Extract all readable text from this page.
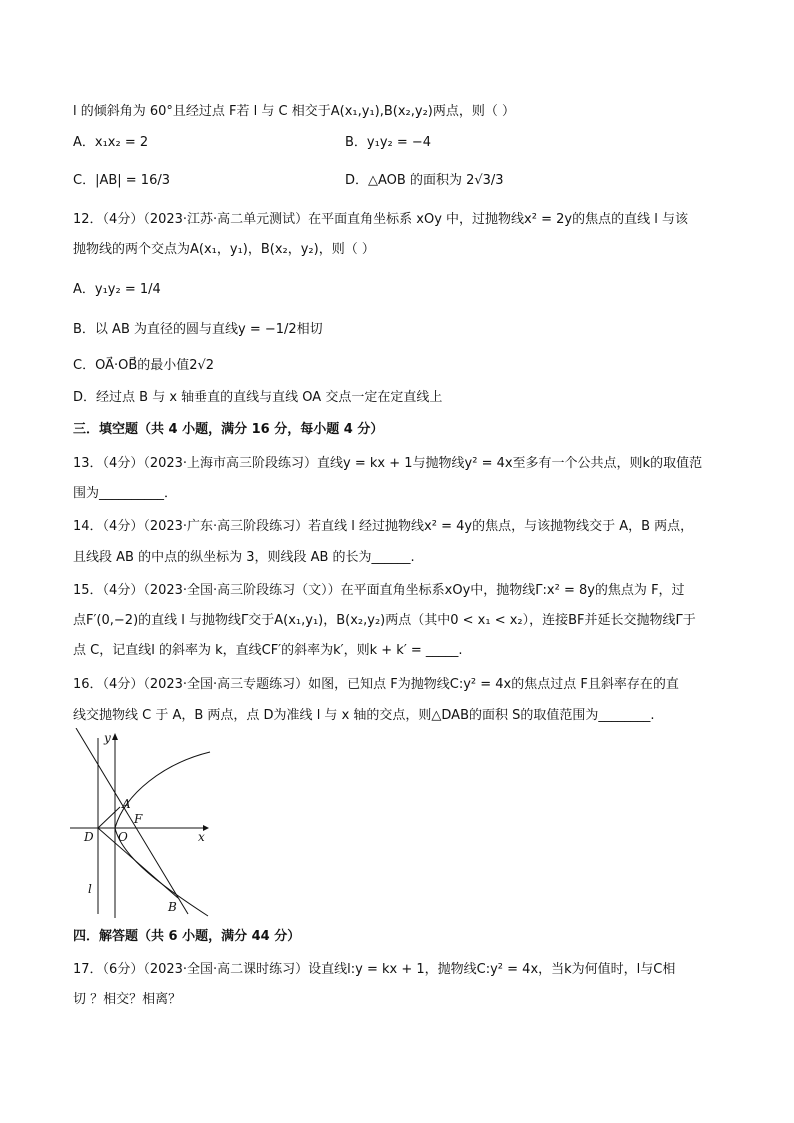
l 的倾斜角为 60°且经过点 F若 l 与 C 相交于A(x₁,y₁),B(x₂,y₂)两点，则（ ）
A．x₁x₂ = 2	B．y₁y₂ = −4
C．|AB| = 16/3	D．△AOB 的面积为 2√3/3
12．（4分）（2023·江苏·高二单元测试）在平面直角坐标系 xOy 中，过抛物线x² = 2y的焦点的直线 l 与该
抛物线的两个交点为A(x₁，y₁)，B(x₂，y₂)，则（ ）
A．y₁y₂ = 1/4
B．以 AB 为直径的圆与直线y = −1/2相切
C．OA⃗·OB⃗的最小值2√2
D．经过点 B 与 x 轴垂直的直线与直线 OA 交点一定在定直线上
三．填空题（共 4 小题，满分 16 分，每小题 4 分）
13．（4分）（2023·上海市高三阶段练习）直线y = kx + 1与抛物线y² = 4x至多有一个公共点，则k的取值范
围为__________．
14．（4分）（2023·广东·高三阶段练习）若直线 l 经过抛物线x² = 4y的焦点，与该抛物线交于 A，B 两点，
且线段 AB 的中点的纵坐标为 3，则线段 AB 的长为______.
15．（4分）（2023·全国·高三阶段练习（文））在平面直角坐标系xOy中，抛物线Γ:x² = 8y的焦点为 F，过
点F′(0,−2)的直线 l 与抛物线Γ交于A(x₁,y₁)，B(x₂,y₂)两点（其中0 < x₁ < x₂），连接BF并延长交抛物线Γ于
点 C，记直线l 的斜率为 k，直线CF′的斜率为k′，则k + k′ = _____.
16．（4分）（2023·全国·高三专题练习）如图，已知点 F为抛物线C:y² = 4x的焦点过点 F且斜率存在的直
线交抛物线 C 于 A，B 两点，点 D为准线 l 与 x 轴的交点，则△DAB的面积 S的取值范围为________.
y
x
A
F
D O
l
B
四．解答题（共 6 小题，满分 44 分）
17．（6分）（2023·全国·高二课时练习）设直线l:y = kx + 1，抛物线C:y² = 4x，当k为何值时，l与C相
切 ？相交？相离？
